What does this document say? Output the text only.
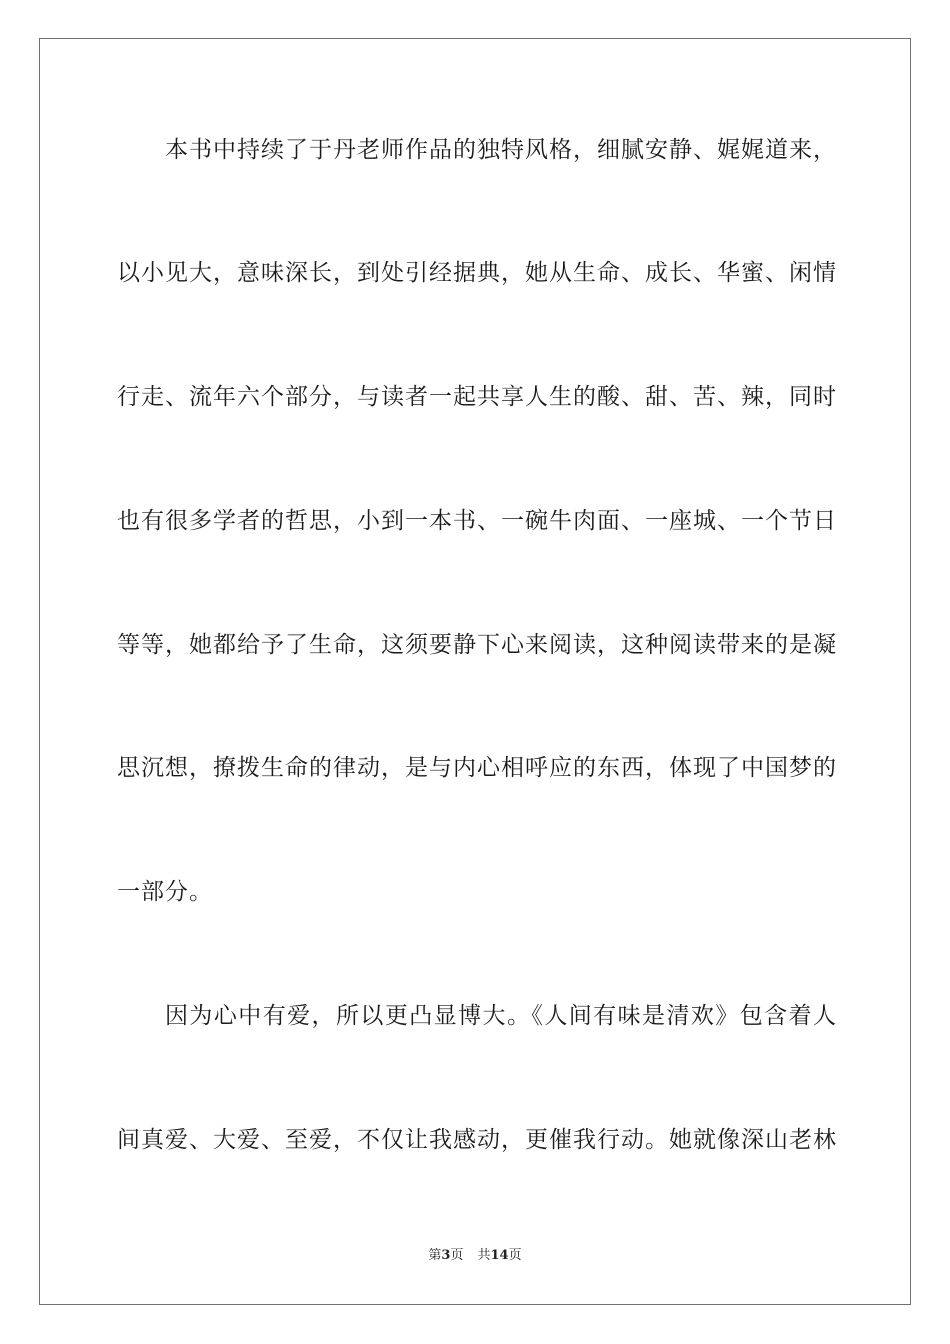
本书中持续了于丹老师作品的独特风格，细腻安静、娓娓道来，
以小见大，意味深长，到处引经据典，她从生命、成长、华蜜、闲情
行走、流年六个部分，与读者一起共享人生的酸、甜、苦、辣，同时
也有很多学者的哲思，小到一本书、一碗牛肉面、一座城、一个节日
等等，她都给予了生命，这须要静下心来阅读，这种阅读带来的是凝
思沉想，撩拨生命的律动，是与内心相呼应的东西，体现了中国梦的
一部分。
因为心中有爱，所以更凸显博大。《人间有味是清欢》包含着人
间真爱、大爱、至爱，不仅让我感动，更催我行动。她就像深山老林
第3页 共14页
